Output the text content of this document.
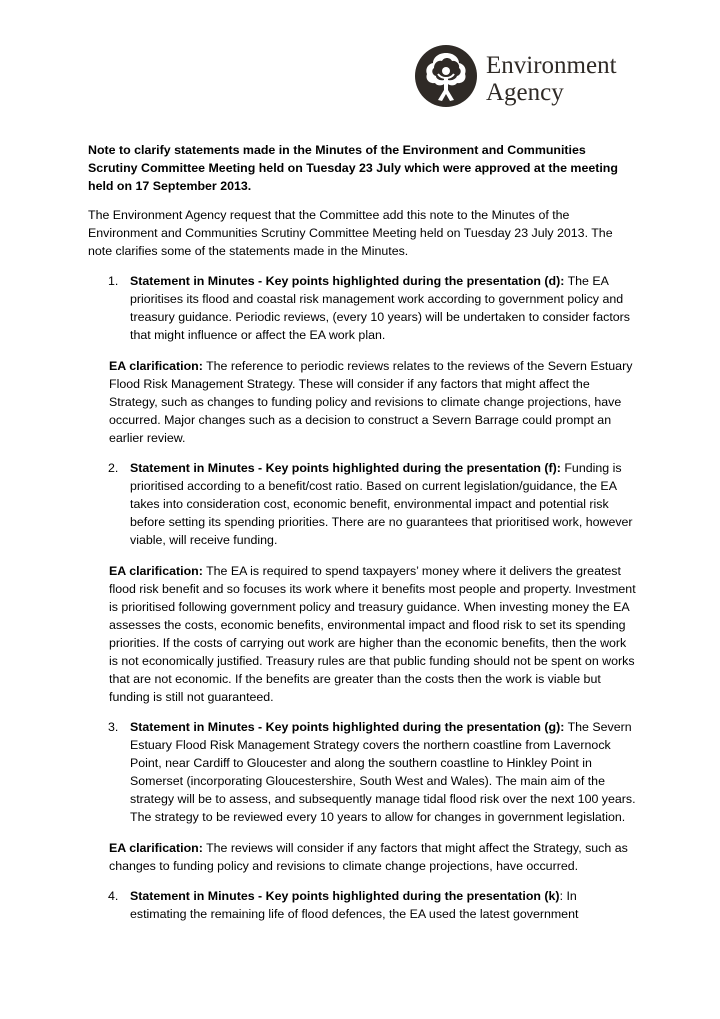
Environment
Agency

Note to clarify statements made in the Minutes of the Environment and Communities Scrutiny Committee Meeting held on Tuesday 23 July which were approved at the meeting held on 17 September 2013.

The Environment Agency request that the Committee add this note to the Minutes of the Environment and Communities Scrutiny Committee Meeting held on Tuesday 23 July 2013. The note clarifies some of the statements made in the Minutes.

1. Statement in Minutes - Key points highlighted during the presentation (d): The EA prioritises its flood and coastal risk management work according to government policy and treasury guidance. Periodic reviews, (every 10 years) will be undertaken to consider factors that might influence or affect the EA work plan.

EA clarification: The reference to periodic reviews relates to the reviews of the Severn Estuary Flood Risk Management Strategy. These will consider if any factors that might affect the Strategy, such as changes to funding policy and revisions to climate change projections, have occurred. Major changes such as a decision to construct a Severn Barrage could prompt an earlier review.

2. Statement in Minutes - Key points highlighted during the presentation (f): Funding is prioritised according to a benefit/cost ratio. Based on current legislation/guidance, the EA takes into consideration cost, economic benefit, environmental impact and potential risk before setting its spending priorities. There are no guarantees that prioritised work, however viable, will receive funding.

EA clarification: The EA is required to spend taxpayers’ money where it delivers the greatest flood risk benefit and so focuses its work where it benefits most people and property. Investment is prioritised following government policy and treasury guidance. When investing money the EA assesses the costs, economic benefits, environmental impact and flood risk to set its spending priorities. If the costs of carrying out work are higher than the economic benefits, then the work is not economically justified. Treasury rules are that public funding should not be spent on works that are not economic. If the benefits are greater than the costs then the work is viable but funding is still not guaranteed.

3. Statement in Minutes - Key points highlighted during the presentation (g): The Severn Estuary Flood Risk Management Strategy covers the northern coastline from Lavernock Point, near Cardiff to Gloucester and along the southern coastline to Hinkley Point in Somerset (incorporating Gloucestershire, South West and Wales). The main aim of the strategy will be to assess, and subsequently manage tidal flood risk over the next 100 years. The strategy to be reviewed every 10 years to allow for changes in government legislation.

EA clarification: The reviews will consider if any factors that might affect the Strategy, such as changes to funding policy and revisions to climate change projections, have occurred.

4. Statement in Minutes - Key points highlighted during the presentation (k): In estimating the remaining life of flood defences, the EA used the latest government
